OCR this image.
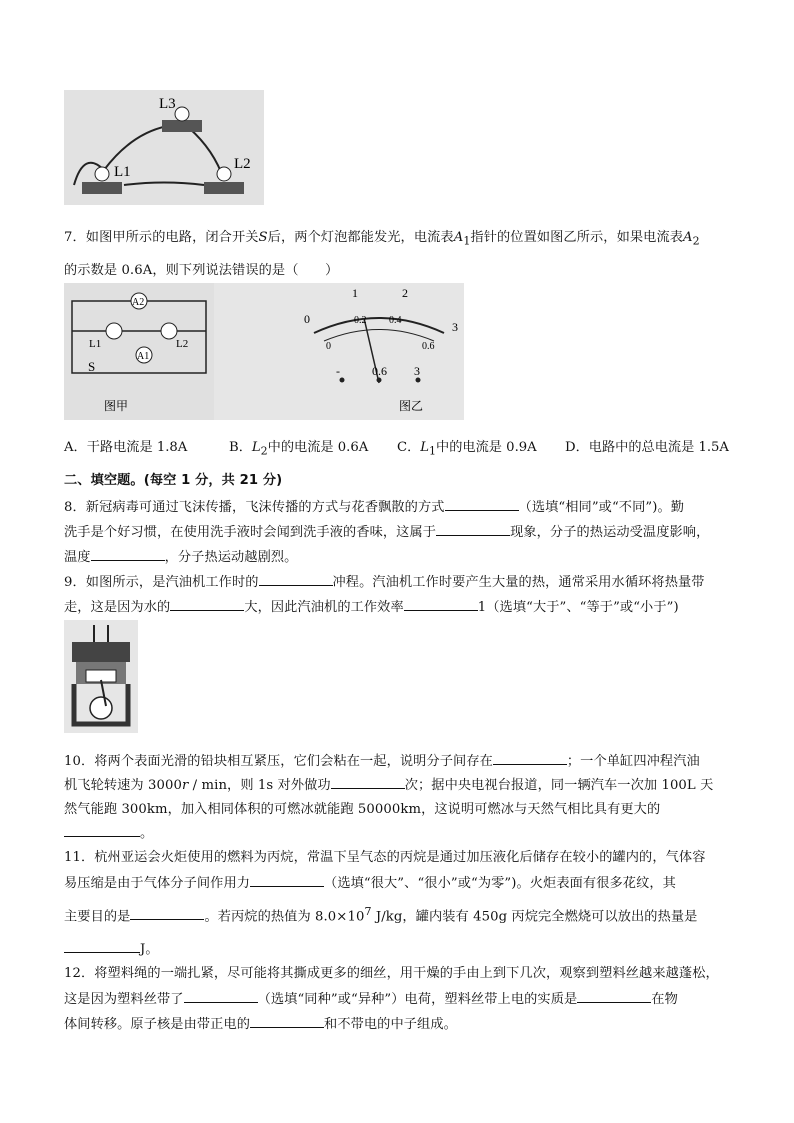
L3
L1	L2
7．如图甲所示的电路，闭合开关S后，两个灯泡都能发光，电流表$A_1$指针的位置如图乙所示，如果电流表$A_2$
的示数是 0.6A，则下列说法错误的是（　　）
A2
L1	L2
A1
S
图甲
0
1	2
3
0
0.2 0.4
0.6
-	0.6 3
图乙
A．干路电流是 1.8A	B．$L_2$中的电流是 0.6A C．$L_1$中的电流是 0.9A D．电路中的总电流是 1.5A
二、填空题。(每空 1 分，共 21 分)
8．新冠病毒可通过飞沫传播，飞沫传播的方式与花香飘散的方式	（选填“相同”或“不同”)。勤
洗手是个好习惯，在使用洗手液时会闻到洗手液的香味，这属于	现象，分子的热运动受温度影响，
温度	，分子热运动越剧烈。
9．如图所示，是汽油机工作时的	冲程。汽油机工作时要产生大量的热，通常采用水循环将热量带
走，这是因为水的	大，因此汽油机的工作效率	1（选填“大于”、“等于”或“小于”)
10．将两个表面光滑的铅块相互紧压，它们会粘在一起，说明分子间存在	；一个单缸四冲程汽油
机飞轮转速为 3000r / min，则 1s 对外做功	次；据中央电视台报道，同一辆汽车一次加 100L 天
然气能跑 300km，加入相同体积的可燃冰就能跑 50000km，这说明可燃冰与天然气相比具有更大的
。
11．杭州亚运会火炬使用的燃料为丙烷，常温下呈气态的丙烷是通过加压液化后储存在较小的罐内的，气体容
易压缩是由于气体分子间作用力	（选填“很大”、“很小”或“为零”)。火炬表面有很多花纹，其
主要目的是	。若丙烷的热值为 $8.0\times 10^7$ J/kg，罐内装有 450g 丙烷完全燃烧可以放出的热量是
J。
12．将塑料绳的一端扎紧，尽可能将其撕成更多的细丝，用干燥的手由上到下几次，观察到塑料丝越来越蓬松，
这是因为塑料丝带了	（选填“同种”或“异种”）电荷，塑料丝带上电的实质是	在物
体间转移。原子核是由带正电的	和不带电的中子组成。
